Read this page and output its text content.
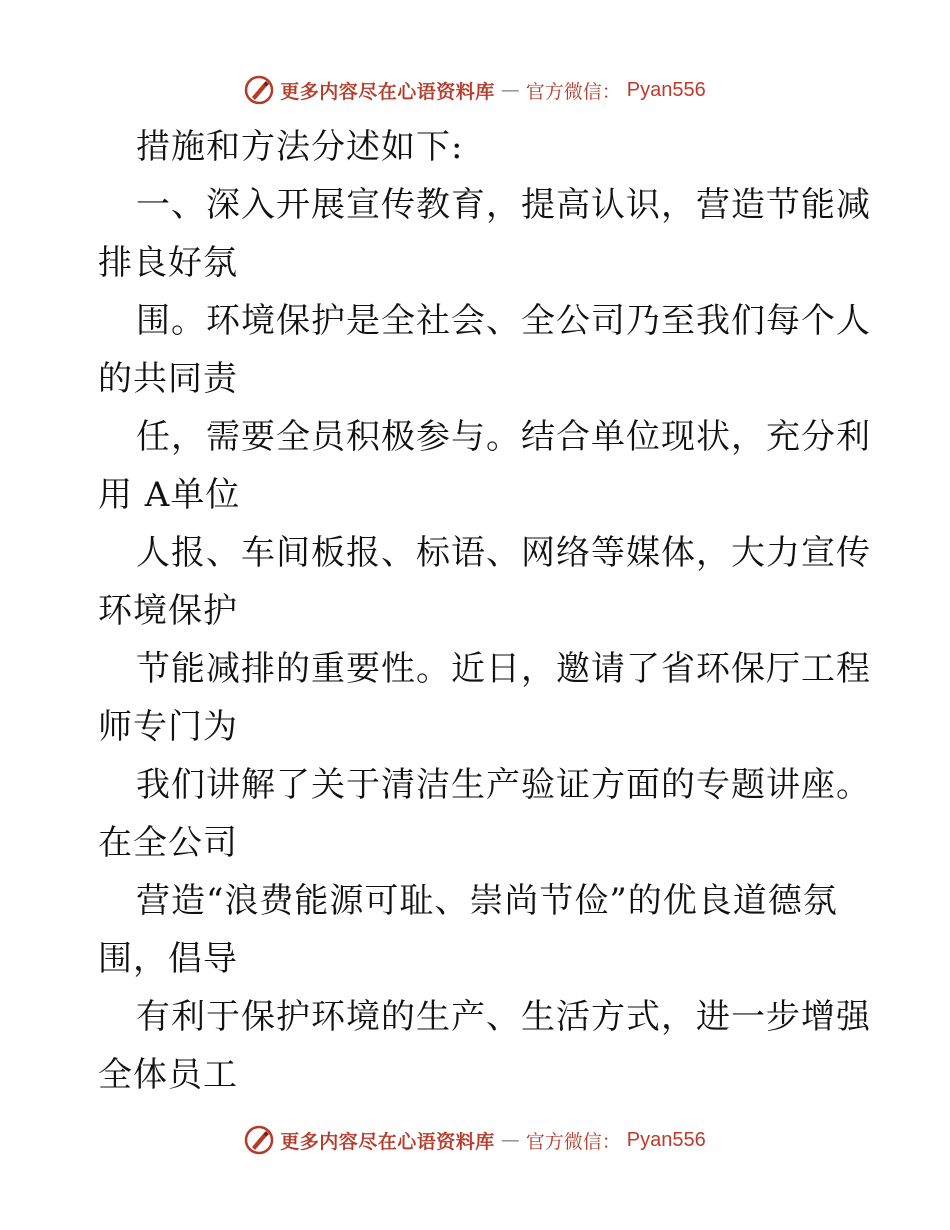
更多内容尽在心语资料库 — 官方微信： Pyan556
措施和方法分述如下:
一、深入开展宣传教育，提高认识，营造节能减
排良好氛
围。环境保护是全社会、全公司乃至我们每个人
的共同责
任，需要全员积极参与。结合单位现状，充分利
用 A单位
人报、车间板报、标语、网络等媒体，大力宣传
环境保护
节能减排的重要性。近日，邀请了省环保厅工程
师专门为
我们讲解了关于清洁生产验证方面的专题讲座。
在全公司
营造“浪费能源可耻、崇尚节俭”的优良道德氛
围，倡导
有利于保护环境的生产、生活方式，进一步增强
全体员工
更多内容尽在心语资料库 — 官方微信： Pyan556
